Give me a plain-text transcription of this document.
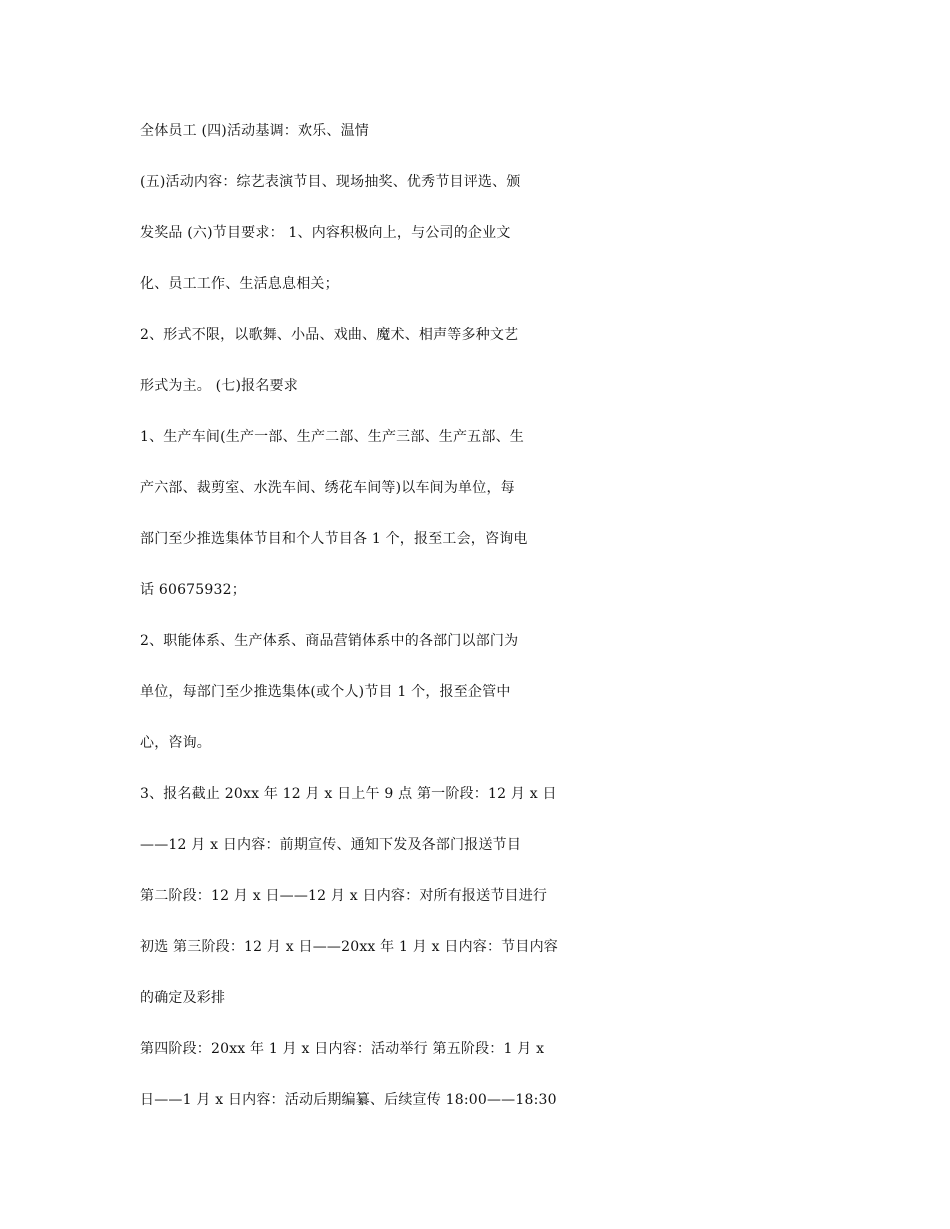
全体员工 (四)活动基调：欢乐、温情
(五)活动内容：综艺表演节目、现场抽奖、优秀节目评选、颁
发奖品 (六)节目要求： 1、内容积极向上，与公司的企业文
化、员工工作、生活息息相关；
2、形式不限，以歌舞、小品、戏曲、魔术、相声等多种文艺
形式为主。 (七)报名要求
1、生产车间(生产一部、生产二部、生产三部、生产五部、生
产六部、裁剪室、水洗车间、绣花车间等)以车间为单位，每
部门至少推选集体节目和个人节目各 1 个，报至工会，咨询电
话 60675932；
2、职能体系、生产体系、商品营销体系中的各部门以部门为
单位，每部门至少推选集体(或个人)节目 1 个，报至企管中
心，咨询。
3、报名截止 20xx 年 12 月 x 日上午 9 点 第一阶段：12 月 x 日
——12 月 x 日内容：前期宣传、通知下发及各部门报送节目
第二阶段：12 月 x 日——12 月 x 日内容：对所有报送节目进行
初选 第三阶段：12 月 x 日——20xx 年 1 月 x 日内容：节目内容
的确定及彩排
第四阶段：20xx 年 1 月 x 日内容：活动举行 第五阶段：1 月 x
日——1 月 x 日内容：活动后期编纂、后续宣传 18:00——18:30
